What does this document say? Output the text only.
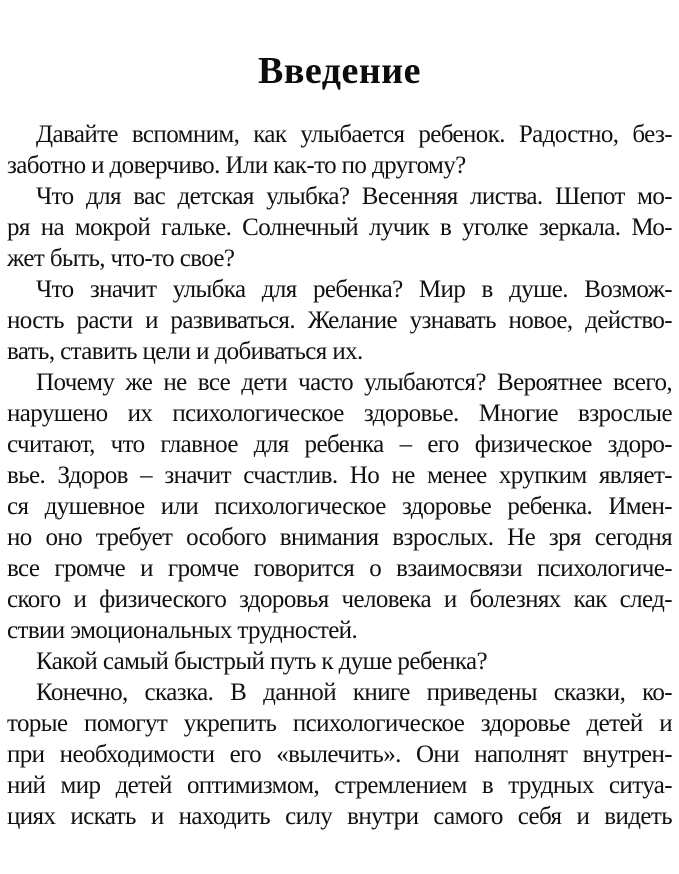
Введение
Давайте вспомним, как улыбается ребенок. Радостно, без-
заботно и доверчиво. Или как-то по другому?
Что для вас детская улыбка? Весенняя листва. Шепот мо-
ря на мокрой гальке. Солнечный лучик в уголке зеркала. Мо-
жет быть, что-то свое?
Что значит улыбка для ребенка? Мир в душе. Возмож-
ность расти и развиваться. Желание узнавать новое, действо-
вать, ставить цели и добиваться их.
Почему же не все дети часто улыбаются? Вероятнее всего,
нарушено их психологическое здоровье. Многие взрослые
считают, что главное для ребенка – его физическое здоро-
вье. Здоров – значит счастлив. Но не менее хрупким являет-
ся душевное или психологическое здоровье ребенка. Имен-
но оно требует особого внимания взрослых. Не зря сегодня
все громче и громче говорится о взаимосвязи психологиче-
ского и физического здоровья человека и болезнях как след-
ствии эмоциональных трудностей.
Какой самый быстрый путь к душе ребенка?
Конечно, сказка. В данной книге приведены сказки, ко-
торые помогут укрепить психологическое здоровье детей и
при необходимости его «вылечить». Они наполнят внутрен-
ний мир детей оптимизмом, стремлением в трудных ситуа-
циях искать и находить силу внутри самого себя и видеть
